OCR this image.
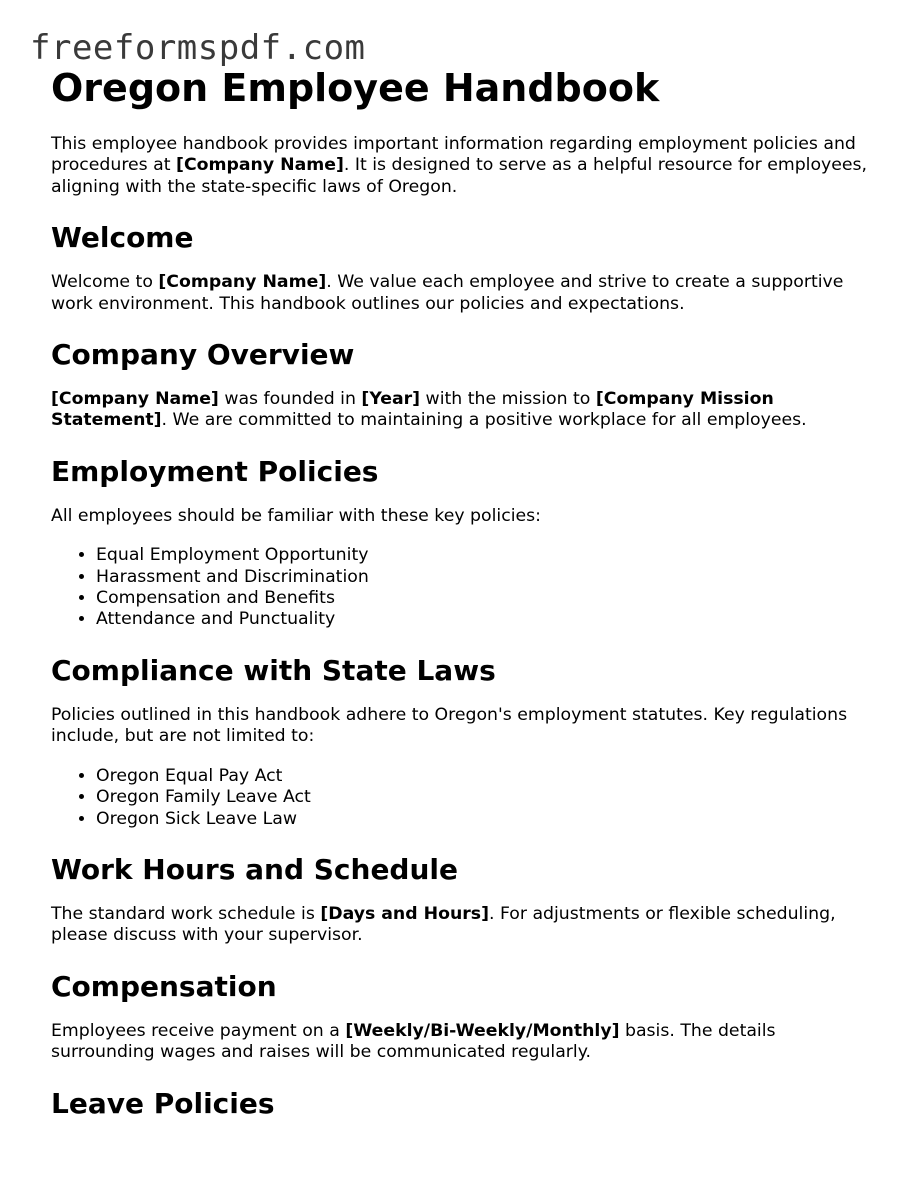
freeformspdf.com
Oregon Employee Handbook

This employee handbook provides important information regarding employment policies and procedures at [Company Name]. It is designed to serve as a helpful resource for employees, aligning with the state-specific laws of Oregon.

Welcome

Welcome to [Company Name]. We value each employee and strive to create a supportive work environment. This handbook outlines our policies and expectations.

Company Overview

[Company Name] was founded in [Year] with the mission to [Company Mission Statement]. We are committed to maintaining a positive workplace for all employees.

Employment Policies

All employees should be familiar with these key policies:

• Equal Employment Opportunity
• Harassment and Discrimination
• Compensation and Benefits
• Attendance and Punctuality
Compliance with State Laws

Policies outlined in this handbook adhere to Oregon's employment statutes. Key regulations include, but are not limited to:

• Oregon Equal Pay Act
• Oregon Family Leave Act
• Oregon Sick Leave Law
Work Hours and Schedule

The standard work schedule is [Days and Hours]. For adjustments or flexible scheduling, please discuss with your supervisor.

Compensation

Employees receive payment on a [Weekly/Bi-Weekly/Monthly] basis. The details surrounding wages and raises will be communicated regularly.

Leave Policies
